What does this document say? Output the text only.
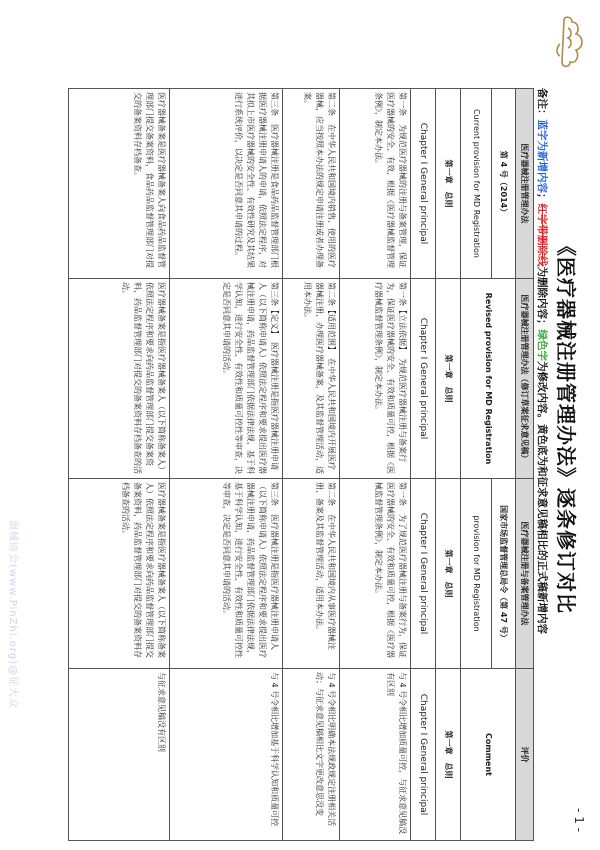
- 1 -
《医疗器械注册管理办法》逐条修订对比
备注：蓝字为新增内容；红字带删除线为删除内容；绿色字为修改内容。黄色底为和征求意见稿相比的正式稿新增内容
医疗器械注册管理办法	医疗器械注册管理办法（修订草案征求意见稿）	医疗器械注册与备案管理办法	评价
第 4 号（2014）	Revised provision for MD Registration	国家市场监督管理总局令（第 47 号）	Comment
Current provision for MD Registration		provision for MD Registration	
第一章　总则	第一章　总则	第一章　总则	第一章　总则
Chapter Ⅰ General principal	Chapter Ⅰ General principal	Chapter Ⅰ General principal	Chapter Ⅰ General principal
第一条　为规范医疗器械的注册与备案管理，保证医疗器械的安全、有效，根据《医疗器械监督管理条例》，制定本办法。	第一条【立法依据】　为规范医疗器械注册与备案行为，保证医疗器械的安全、有效和质量可控，根据《医疗器械监督管理条例》，制定本办法。	第一条　为了规范医疗器械注册与备案行为，保证医疗器械的安全、有效和质量可控，根据《医疗器械监督管理条例》，制定本办法。	与 4 号令相比增加质量可控，与征求意见稿没有区别
第二条　在中华人民共和国境内销售、使用的医疗器械，应当按照本办法的规定申请注册或者办理备案。	第二条【适用范围】　在中华人民共和国境内开展医疗器械注册、办理医疗器械备案，及其监督管理活动，适用本办法。	第二条　在中华人民共和国境内从事医疗器械注册、备案及其监督管理活动，适用本办法。	与 4 号令相比明确本法规政规定注册相关活动；与征求意见稿相比文字更改意思没变
第三条　医疗器械注册是食品药品监督管理部门根据医疗器械注册申请人的申请，依照法定程序，对其拟上市医疗器械的安全性、有效性研究及其结果进行系统评价，以决定是否同意其申请的过程。	第三条【定义】　医疗器械注册是指医疗器械注册申请人（以下简称申请人）依照法定程序和要求提出医疗器械注册申请，药品监督管理部门依据法律法规，基于科学认知，进行安全性、有效性和质量可控性等审查，决定是否同意其申请的活动。	第三条　医疗器械注册是指医疗器械注册申请人（以下简称申请人）依照法定程序和要求提出医疗器械注册申请，药品监督管理部门依据法律法规，基于科学认知，进行安全性、有效性和质量可控性等审查，决定是否同意其申请的活动。	与 4 号令相比增加基于科学认知和质量可控
医疗器械备案是医疗器械备案人向食品药品监督管理部门提交备案资料，食品药品监督管理部门对提交的备案资料存档备查。	医疗器械备案是指医疗器械备案人（以下简称备案人）依照法定程序和要求向药品监督管理部门提交备案资料，药品监督管理部门对提交的备案资料存档备查的活动。	医疗器械备案是指医疗器械备案人（以下简称备案人）依照法定程序和要求向药品监督管理部门提交备案资料，药品监督管理部门对提交的备案资料存档备查的活动。	与征求意见稿没有区别
器械协会(www.PinZhi.org)@征大众
